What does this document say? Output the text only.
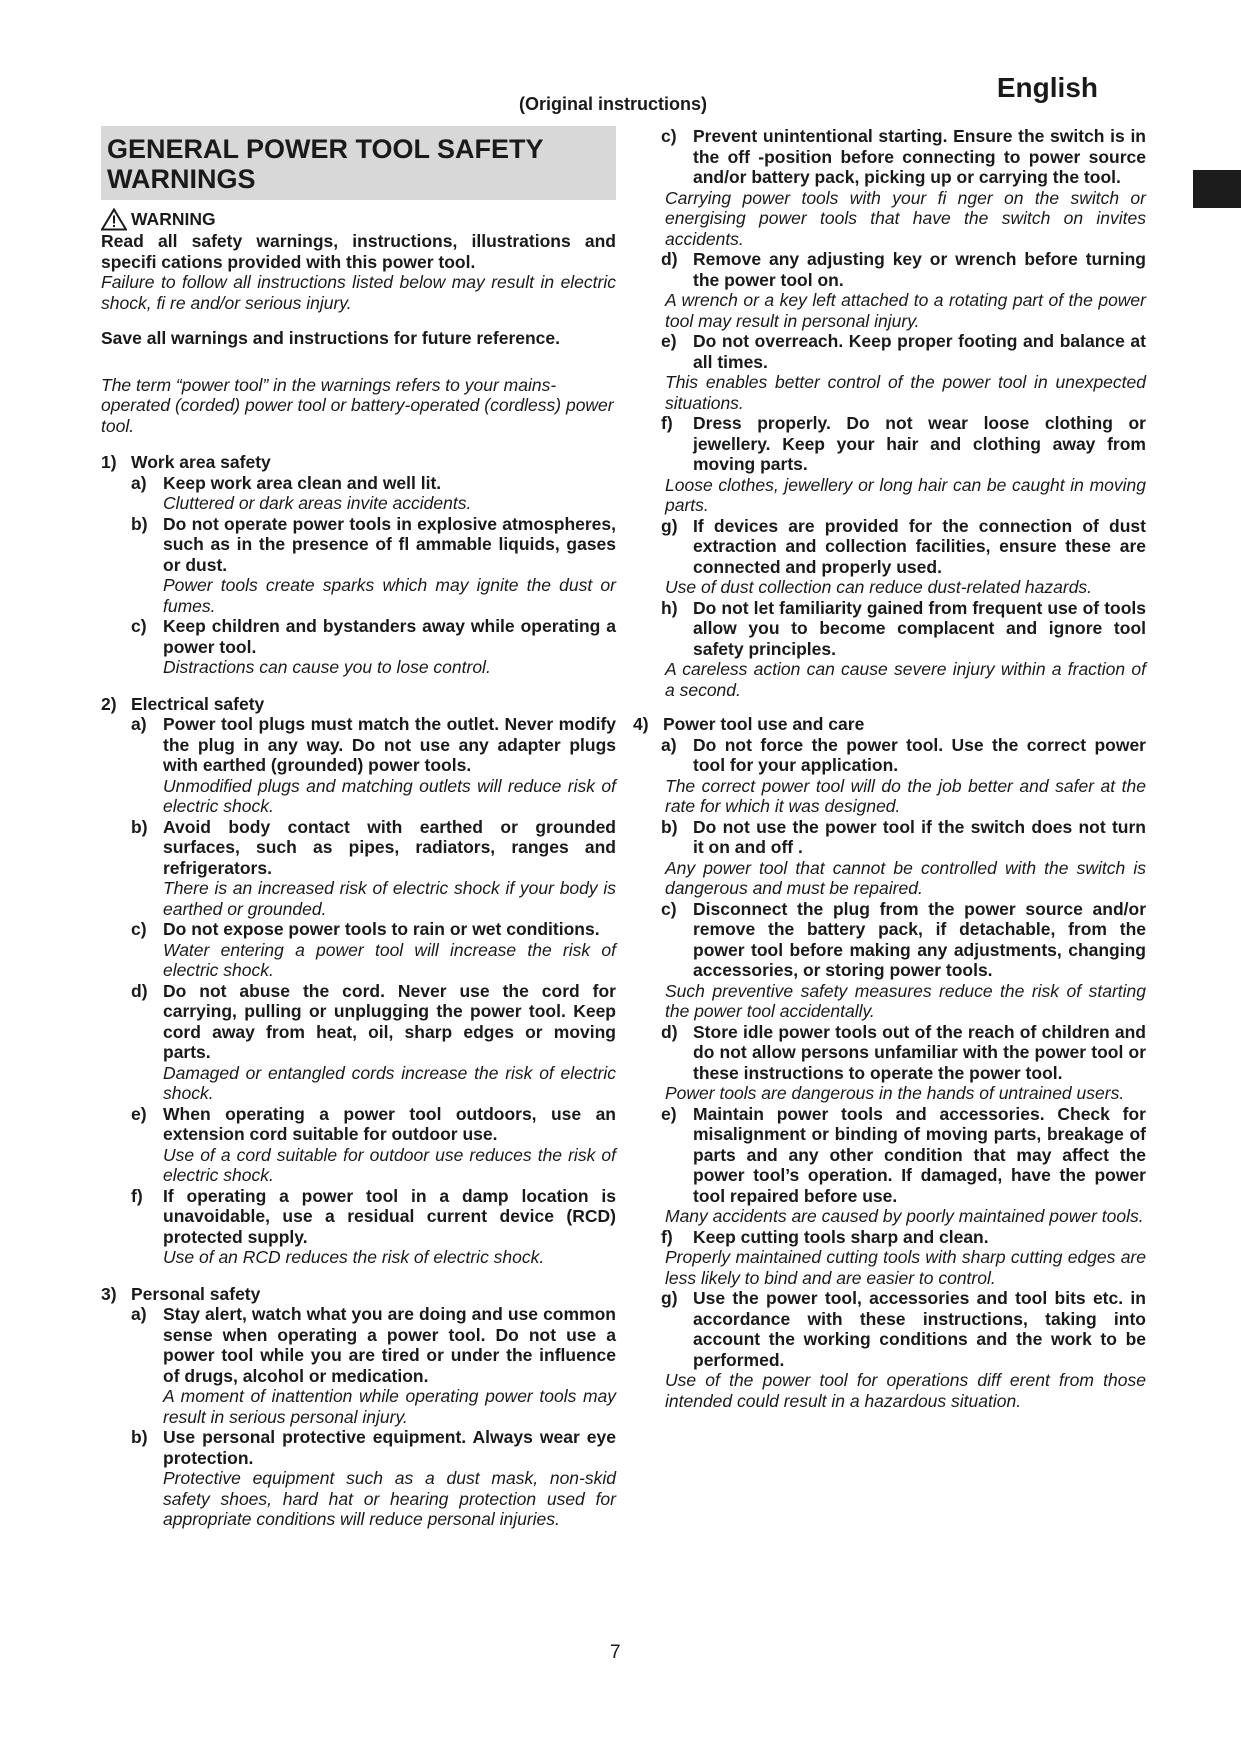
English
(Original instructions)
GENERAL POWER TOOL SAFETY WARNINGS
WARNING
Read all safety warnings, instructions, illustrations and specifi cations provided with this power tool.
Failure to follow all instructions listed below may result in electric shock, fi re and/or serious injury.
Save all warnings and instructions for future reference.
The term “power tool” in the warnings refers to your mains-operated (corded) power tool or battery-operated (cordless) power tool.
1) Work area safety
a) Keep work area clean and well lit.
Cluttered or dark areas invite accidents.
b) Do not operate power tools in explosive atmospheres, such as in the presence of fl ammable liquids, gases or dust.
Power tools create sparks which may ignite the dust or fumes.
c) Keep children and bystanders away while operating a power tool.
Distractions can cause you to lose control.
2) Electrical safety
a) Power tool plugs must match the outlet. Never modify the plug in any way. Do not use any adapter plugs with earthed (grounded) power tools.
Unmodified plugs and matching outlets will reduce risk of electric shock.
b) Avoid body contact with earthed or grounded surfaces, such as pipes, radiators, ranges and refrigerators.
There is an increased risk of electric shock if your body is earthed or grounded.
c) Do not expose power tools to rain or wet conditions.
Water entering a power tool will increase the risk of electric shock.
d) Do not abuse the cord. Never use the cord for carrying, pulling or unplugging the power tool. Keep cord away from heat, oil, sharp edges or moving parts.
Damaged or entangled cords increase the risk of electric shock.
e) When operating a power tool outdoors, use an extension cord suitable for outdoor use.
Use of a cord suitable for outdoor use reduces the risk of electric shock.
f)	If operating a power tool in a damp location is unavoidable, use a residual current device (RCD) protected supply.
Use of an RCD reduces the risk of electric shock.
3) Personal safety
a) Stay alert, watch what you are doing and use common sense when operating a power tool. Do not use a power tool while you are tired or under the influence of drugs, alcohol or medication.
A moment of inattention while operating power tools may result in serious personal injury.
b) Use personal protective equipment. Always wear eye protection.
Protective equipment such as a dust mask, non-skid safety shoes, hard hat or hearing protection used for appropriate conditions will reduce personal injuries.
c) Prevent unintentional starting. Ensure the switch is in the off -position before connecting to power source and/or battery pack, picking up or carrying the tool.
Carrying power tools with your fi nger on the switch or energising power tools that have the switch on invites accidents.
d) Remove any adjusting key or wrench before turning the power tool on.
A wrench or a key left attached to a rotating part of the power tool may result in personal injury.
e) Do not overreach. Keep proper footing and balance at all times.
This enables better control of the power tool in unexpected situations.
f)	Dress properly. Do not wear loose clothing or jewellery. Keep your hair and clothing away from moving parts.
Loose clothes, jewellery or long hair can be caught in moving parts.
g) If devices are provided for the connection of dust extraction and collection facilities, ensure these are connected and properly used.
Use of dust collection can reduce dust-related hazards.
h) Do not let familiarity gained from frequent use of tools allow you to become complacent and ignore tool safety principles.
A careless action can cause severe injury within a fraction of a second.
4) Power tool use and care
a) Do not force the power tool. Use the correct power tool for your application.
The correct power tool will do the job better and safer at the rate for which it was designed.
b) Do not use the power tool if the switch does not turn it on and off .
Any power tool that cannot be controlled with the switch is dangerous and must be repaired.
c) Disconnect the plug from the power source and/or remove the battery pack, if detachable, from the power tool before making any adjustments, changing accessories, or storing power tools.
Such preventive safety measures reduce the risk of starting the power tool accidentally.
d) Store idle power tools out of the reach of children and do not allow persons unfamiliar with the power tool or these instructions to operate the power tool.
Power tools are dangerous in the hands of untrained users.
e) Maintain power tools and accessories. Check for misalignment or binding of moving parts, breakage of parts and any other condition that may affect the power tool’s operation. If damaged, have the power tool repaired before use.
Many accidents are caused by poorly maintained power tools.
f)	Keep cutting tools sharp and clean.
Properly maintained cutting tools with sharp cutting edges are less likely to bind and are easier to control.
g) Use the power tool, accessories and tool bits etc. in accordance with these instructions, taking into account the working conditions and the work to be performed.
Use of the power tool for operations diff erent from those intended could result in a hazardous situation.
7
